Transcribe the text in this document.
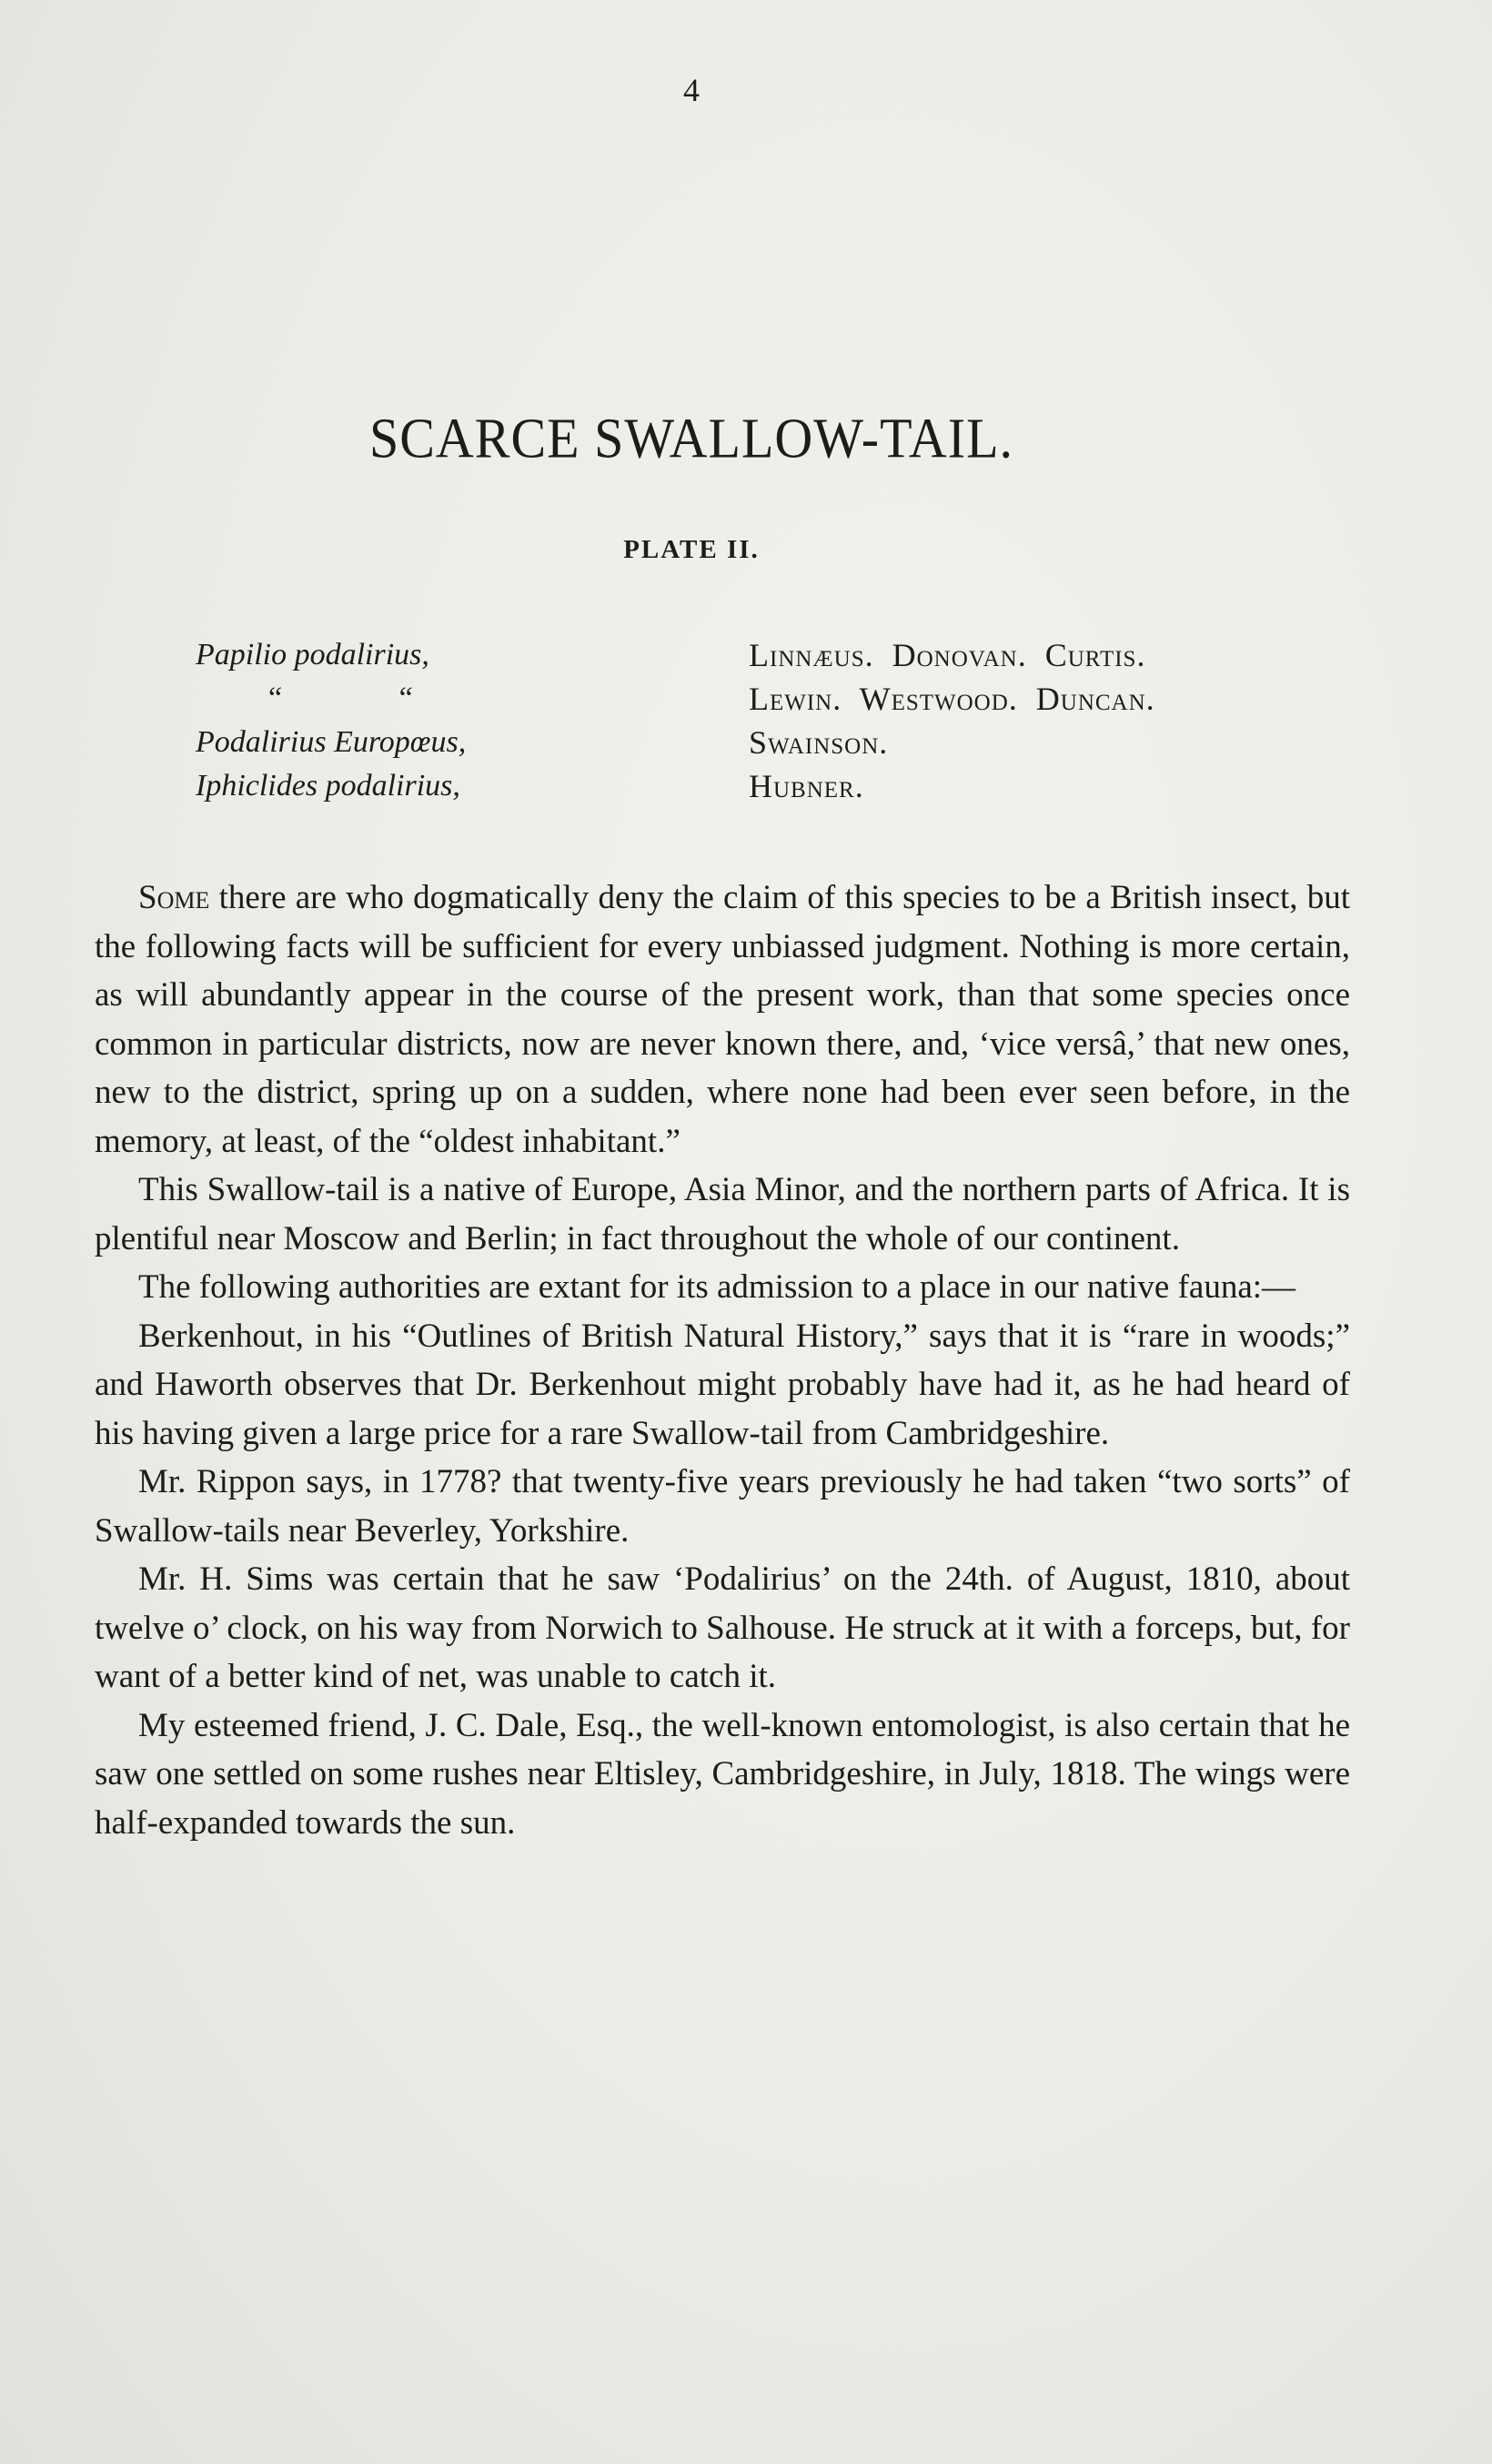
4
SCARCE SWALLOW-TAIL.
PLATE II.
Papilio podalirius,	Linnæus. Donovan. Curtis.
“ “	Lewin. Westwood. Duncan.
Podalirius Europœus,	Swainson.
Iphiclides podalirius,	Hubner.

Some there are who dogmatically deny the claim of this species to be a British insect, but the following facts will be sufficient for every unbiassed judgment. Nothing is more certain, as will abundantly appear in the course of the present work, than that some species once common in particular districts, now are never known there, and, ‘vice versâ,’ that new ones, new to the district, spring up on a sudden, where none had been ever seen before, in the memory, at least, of the “oldest inhabitant.”

This Swallow-tail is a native of Europe, Asia Minor, and the northern parts of Africa. It is plentiful near Moscow and Berlin; in fact throughout the whole of our continent.

The following authorities are extant for its admission to a place in our native fauna:—

Berkenhout, in his “Outlines of British Natural History,” says that it is “rare in woods;” and Haworth observes that Dr. Berkenhout might probably have had it, as he had heard of his having given a large price for a rare Swallow-tail from Cambridgeshire.

Mr. Rippon says, in 1778? that twenty-five years previously he had taken “two sorts” of Swallow-tails near Beverley, Yorkshire.

Mr. H. Sims was certain that he saw ‘Podalirius’ on the 24th. of August, 1810, about twelve o’ clock, on his way from Norwich to Salhouse. He struck at it with a forceps, but, for want of a better kind of net, was unable to catch it.

My esteemed friend, J. C. Dale, Esq., the well-known entomologist, is also certain that he saw one settled on some rushes near Eltisley, Cambridgeshire, in July, 1818. The wings were half-expanded towards the sun.
